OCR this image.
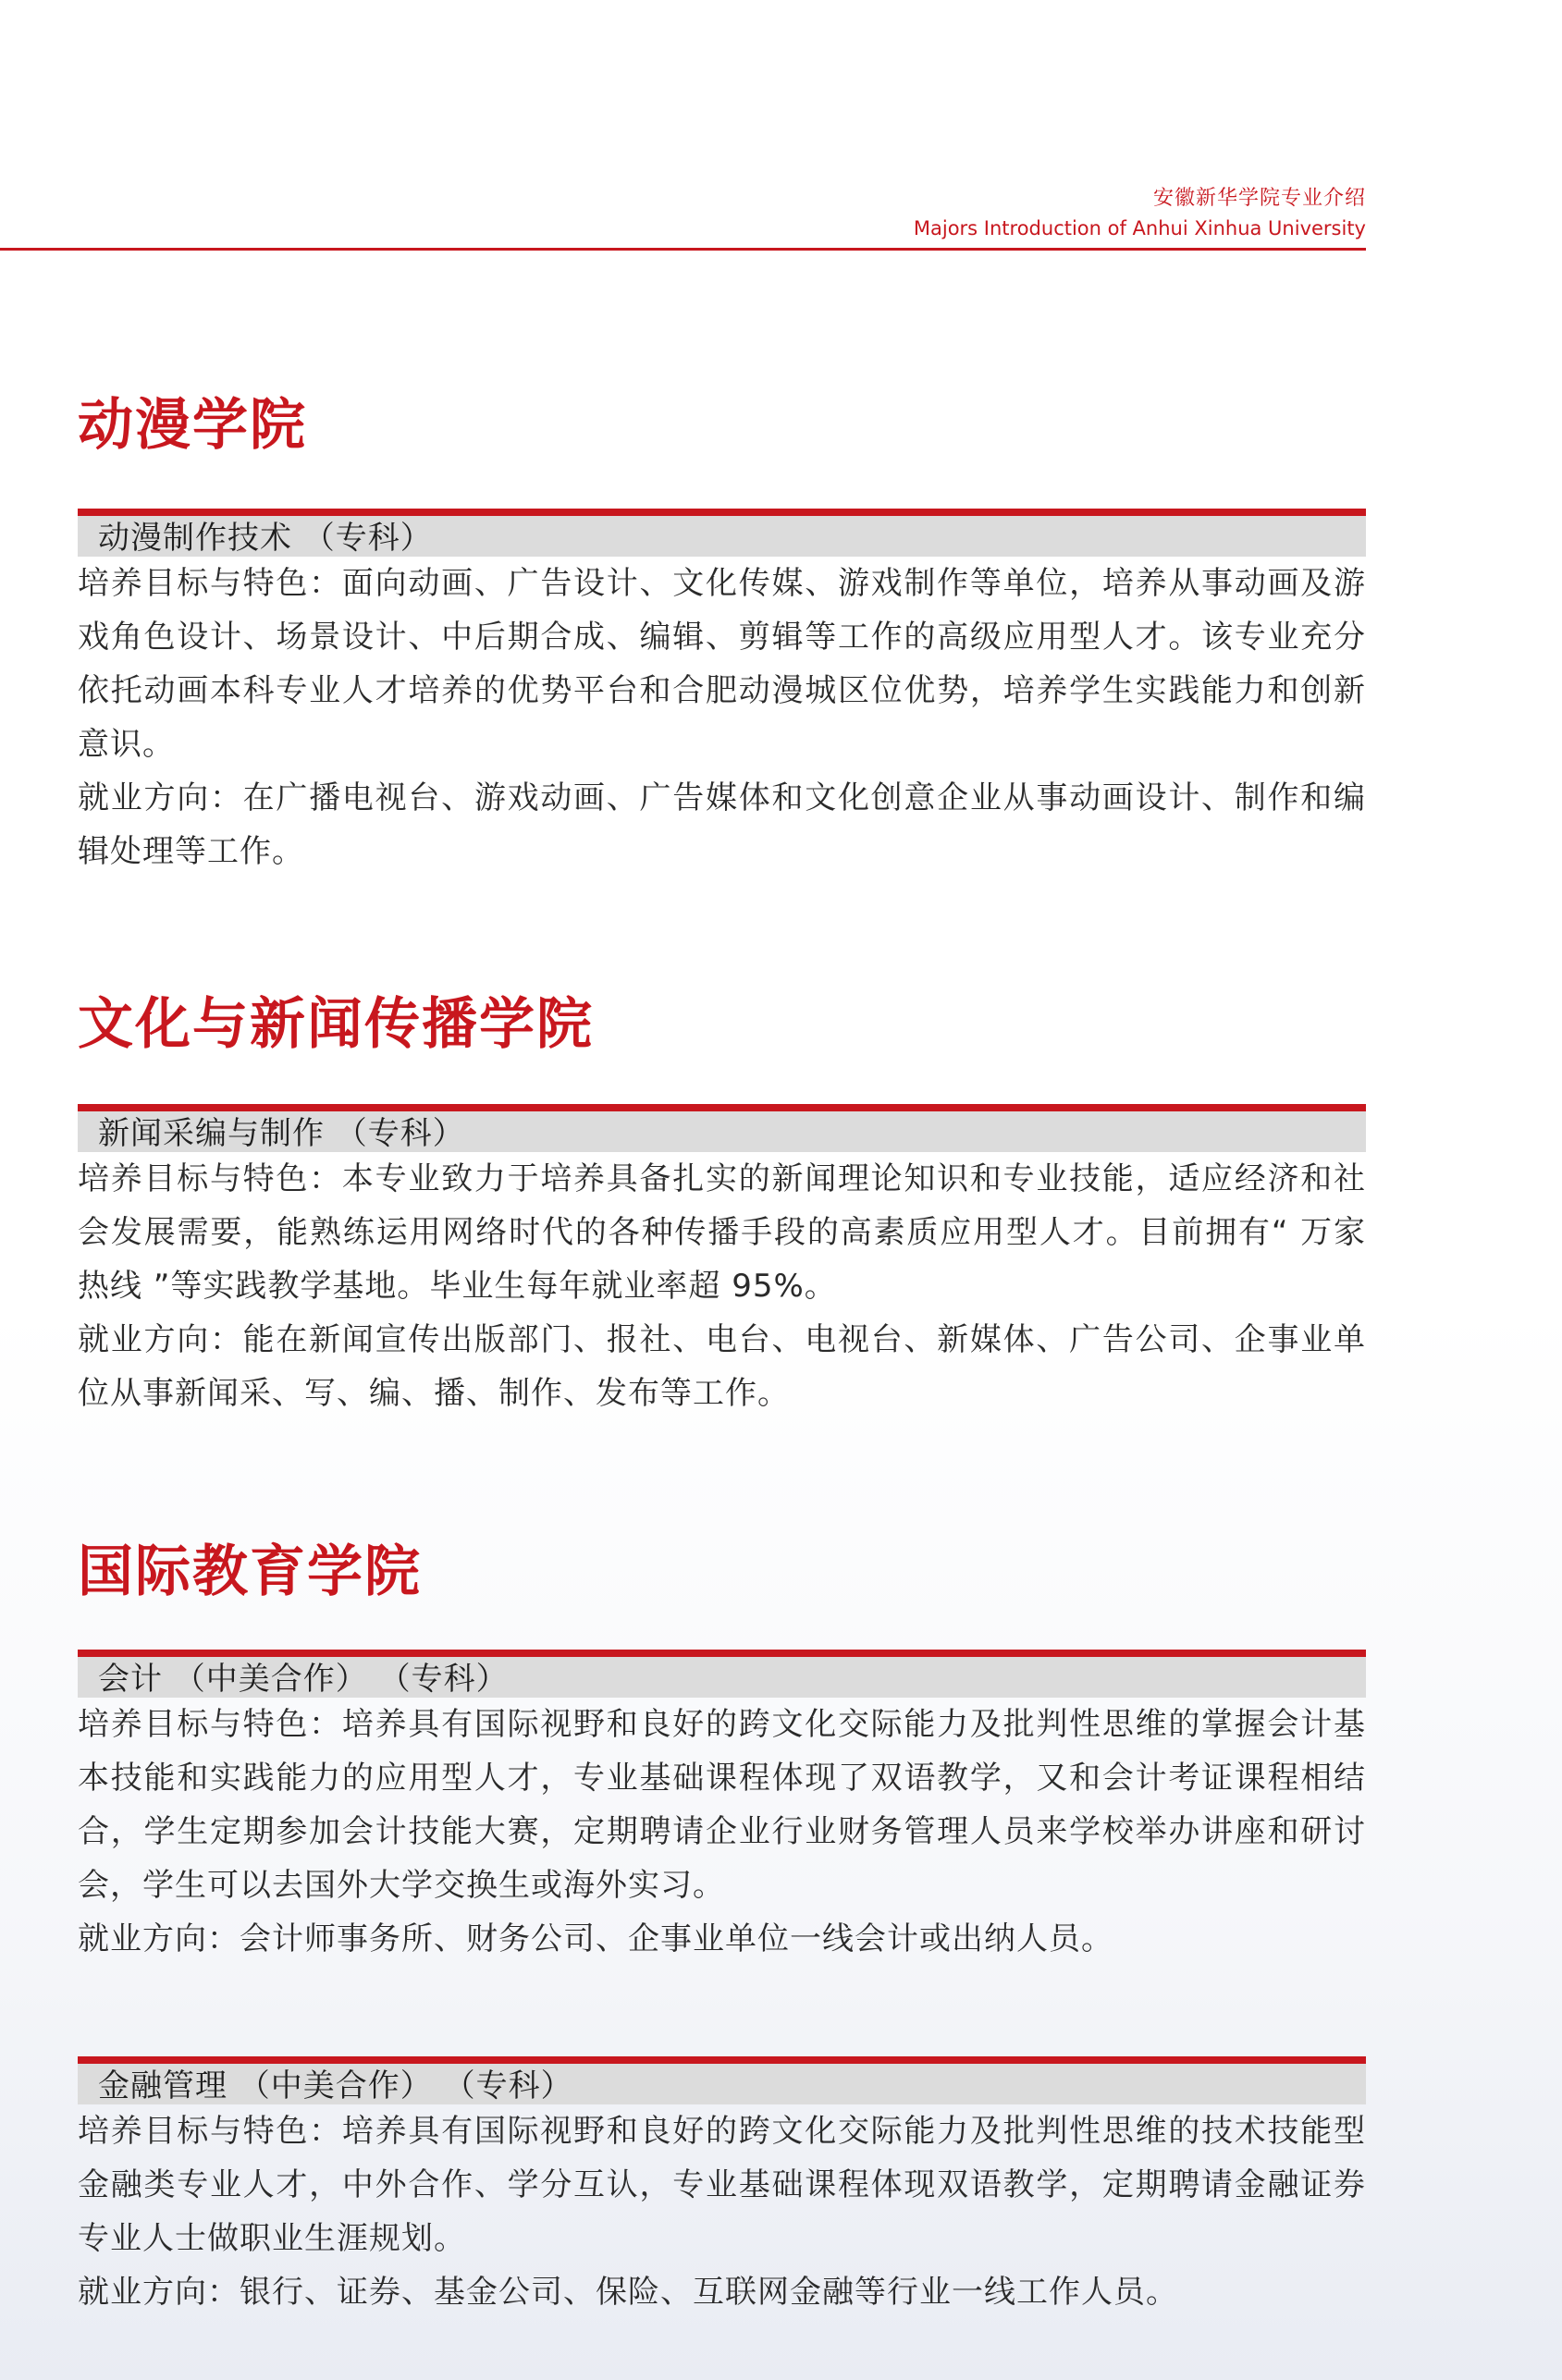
安徽新华学院专业介绍
Majors Introduction of Anhui Xinhua University
动漫学院
动漫制作技术 （专科）

培养目标与特色：面向动画、广告设计、文化传媒、游戏制作等单位，培养从事动画及游戏角色设计、场景设计、中后期合成、编辑、剪辑等工作的高级应用型人才。该专业充分依托动画本科专业人才培养的优势平台和合肥动漫城区位优势，培养学生实践能力和创新意识。

就业方向：在广播电视台、游戏动画、广告媒体和文化创意企业从事动画设计、制作和编辑处理等工作。

文化与新闻传播学院
新闻采编与制作 （专科）

培养目标与特色：本专业致力于培养具备扎实的新闻理论知识和专业技能，适应经济和社会发展需要，能熟练运用网络时代的各种传播手段的高素质应用型人才。目前拥有“ 万家热线 ”等实践教学基地。毕业生每年就业率超 95%。

就业方向：能在新闻宣传出版部门、报社、电台、电视台、新媒体、广告公司、企事业单位从事新闻采、写、编、播、制作、发布等工作。

国际教育学院
会计 （中美合作） （专科）

培养目标与特色：培养具有国际视野和良好的跨文化交际能力及批判性思维的掌握会计基本技能和实践能力的应用型人才，专业基础课程体现了双语教学，又和会计考证课程相结合，学生定期参加会计技能大赛，定期聘请企业行业财务管理人员来学校举办讲座和研讨会，学生可以去国外大学交换生或海外实习。

就业方向：会计师事务所、财务公司、企事业单位一线会计或出纳人员。

金融管理 （中美合作） （专科）

培养目标与特色：培养具有国际视野和良好的跨文化交际能力及批判性思维的技术技能型金融类专业人才，中外合作、学分互认，专业基础课程体现双语教学，定期聘请金融证券专业人士做职业生涯规划。

就业方向：银行、证券、基金公司、保险、互联网金融等行业一线工作人员。
